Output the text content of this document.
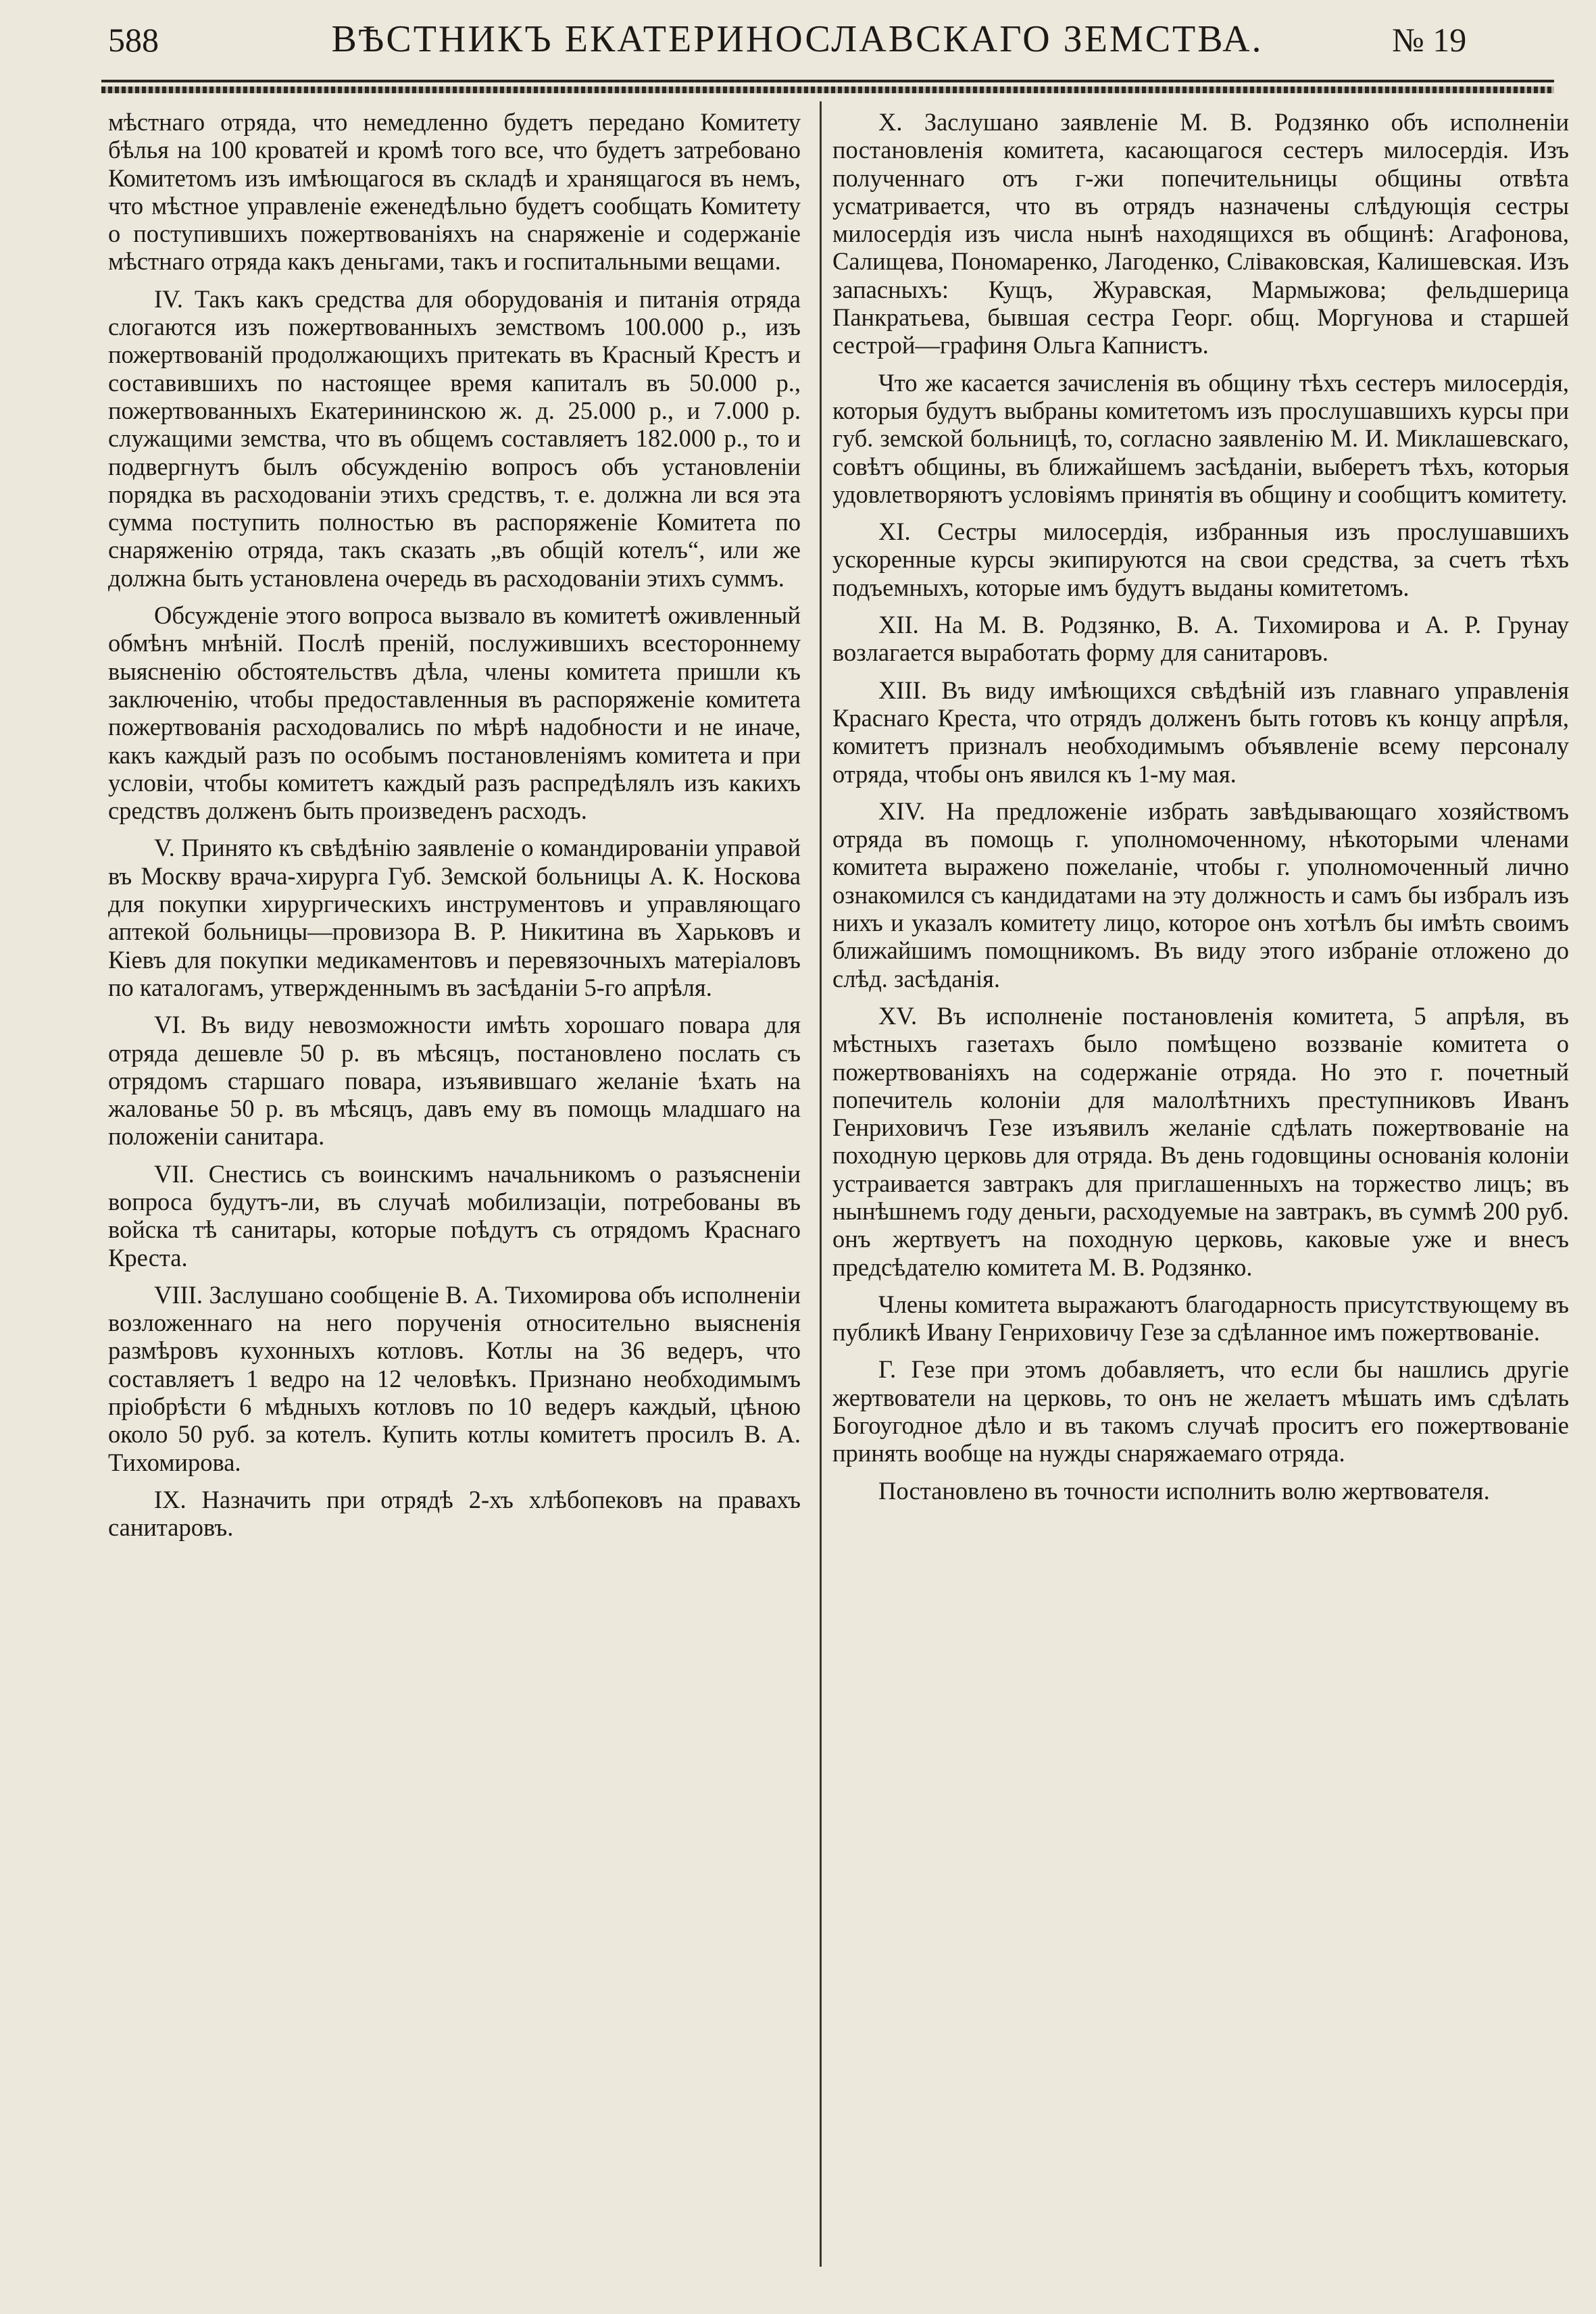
588	ВѢСТНИКЪ ЕКАТЕРИНОСЛАВСКАГО ЗЕМСТВА.	№ 19

мѣстнаго отряда, что немедленно будетъ передано Комитету бѣлья на 100 кроватей и кромѣ того все, что будетъ затребовано Комитетомъ изъ имѣющагося въ складѣ и хранящагося въ немъ, что мѣстное управленіе еженедѣльно будетъ сообщать Комитету о поступившихъ пожертвованіяхъ на снаряженіе и содержаніе мѣстнаго отряда какъ деньгами, такъ и госпитальными вещами.

IV. Такъ какъ средства для оборудованія и питанія отряда слогаются изъ пожертвованныхъ земствомъ 100.000 р., изъ пожертвованій продолжающихъ притекать въ Красный Крестъ и составившихъ по настоящее время капиталъ въ 50.000 р., пожертвованныхъ Екатерининскою ж. д. 25.000 р., и 7.000 р. служащими земства, что въ общемъ составляетъ 182.000 р., то и подвергнутъ былъ обсужденію вопросъ объ установленіи порядка въ расходованіи этихъ средствъ, т. е. должна ли вся эта сумма поступить полностью въ распоряженіе Комитета по снаряженію отряда, такъ сказать „въ общій котелъ“, или же должна быть установлена очередь въ расходованіи этихъ суммъ.

Обсужденіе этого вопроса вызвало въ комитетѣ оживленный обмѣнъ мнѣній. Послѣ преній, послужившихъ всестороннему выясненію обстоятельствъ дѣла, члены комитета пришли къ заключенію, чтобы предоставленныя въ распоряженіе комитета пожертвованія расходовались по мѣрѣ надобности и не иначе, какъ каждый разъ по особымъ постановленіямъ комитета и при условіи, чтобы комитетъ каждый разъ распредѣлялъ изъ какихъ средствъ долженъ быть произведенъ расходъ.

V. Принято къ свѣдѣнію заявленіе о командированіи управой въ Москву врача-хирурга Губ. Земской больницы А. К. Носкова для покупки хирургическихъ инструментовъ и управляющаго аптекой больницы—провизора В. Р. Никитина въ Харьковъ и Кіевъ для покупки медикаментовъ и перевязочныхъ матеріаловъ по каталогамъ, утвержденнымъ въ засѣданіи 5-го апрѣля.

VI. Въ виду невозможности имѣть хорошаго повара для отряда дешевле 50 р. въ мѣсяцъ, постановлено послать съ отрядомъ старшаго повара, изъявившаго желаніе ѣхать на жалованье 50 р. въ мѣсяцъ, давъ ему въ помощь младшаго на положеніи санитара.

VII. Снестись съ воинскимъ начальникомъ о разъясненіи вопроса будутъ-ли, въ случаѣ мобилизаціи, потребованы въ войска тѣ санитары, которые поѣдутъ съ отрядомъ Краснаго Креста.

VIII. Заслушано сообщеніе В. А. Тихомирова объ исполненіи возложеннаго на него порученія относительно выясненія размѣровъ кухонныхъ котловъ. Котлы на 36 ведеръ, что составляетъ 1 ведро на 12 человѣкъ. Признано необходимымъ пріобрѣсти 6 мѣдныхъ котловъ по 10 ведеръ каждый, цѣною около 50 руб. за котелъ. Купить котлы комитетъ просилъ В. А. Тихомирова.

IX. Назначить при отрядѣ 2-хъ хлѣбопековъ на правахъ санитаровъ.

X. Заслушано заявленіе М. В. Родзянко объ исполненіи постановленія комитета, касающагося сестеръ милосердія. Изъ полученнаго отъ г-жи попечительницы общины отвѣта усматривается, что въ отрядъ назначены слѣдующія сестры милосердія изъ числа нынѣ находящихся въ общинѣ: Агафонова, Салищева, Пономаренко, Лагоденко, Сліваковская, Калишевская. Изъ запасныхъ: Кущъ, Журавская, Мармыжова; фельдшерица Панкратьева, бывшая сестра Георг. общ. Моргунова и старшей сестрой—графиня Ольга Капнистъ.

Что же касается зачисленія въ общину тѣхъ сестеръ милосердія, которыя будутъ выбраны комитетомъ изъ прослушавшихъ курсы при губ. земской больницѣ, то, согласно заявленію М. И. Миклашевскаго, совѣтъ общины, въ ближайшемъ засѣданіи, выберетъ тѣхъ, которыя удовлетворяютъ условіямъ принятія въ общину и сообщитъ комитету.

XI. Сестры милосердія, избранныя изъ прослушавшихъ ускоренные курсы экипируются на свои средства, за счетъ тѣхъ подъемныхъ, которые имъ будутъ выданы комитетомъ.

XII. На М. В. Родзянко, В. А. Тихомирова и А. Р. Грунау возлагается выработать форму для санитаровъ.

XIII. Въ виду имѣющихся свѣдѣній изъ главнаго управленія Краснаго Креста, что отрядъ долженъ быть готовъ къ концу апрѣля, комитетъ призналъ необходимымъ объявленіе всему персоналу отряда, чтобы онъ явился къ 1-му мая.

XIV. На предложеніе избрать завѣдывающаго хозяйствомъ отряда въ помощь г. уполномоченному, нѣкоторыми членами комитета выражено пожеланіе, чтобы г. уполномоченный лично ознакомился съ кандидатами на эту должность и самъ бы избралъ изъ нихъ и указалъ комитету лицо, которое онъ хотѣлъ бы имѣть своимъ ближайшимъ помощникомъ. Въ виду этого избраніе отложено до слѣд. засѣданія.

XV. Въ исполненіе постановленія комитета, 5 апрѣля, въ мѣстныхъ газетахъ было помѣщено воззваніе комитета о пожертвованіяхъ на содержаніе отряда. Но это г. почетный попечитель колоніи для малолѣтнихъ преступниковъ Иванъ Генриховичъ Гезе изъявилъ желаніе сдѣлать пожертвованіе на походную церковь для отряда. Въ день годовщины основанія колоніи устраивается завтракъ для приглашенныхъ на торжество лицъ; въ нынѣшнемъ году деньги, расходуемые на завтракъ, въ суммѣ 200 руб. онъ жертвуетъ на походную церковь, каковые уже и внесъ предсѣдателю комитета М. В. Родзянко.

Члены комитета выражаютъ благодарность присутствующему въ публикѣ Ивану Генриховичу Гезе за сдѣланное имъ пожертвованіе.

Г. Гезе при этомъ добавляетъ, что если бы нашлись другіе жертвователи на церковь, то онъ не желаетъ мѣшать имъ сдѣлать Богоугодное дѣло и въ такомъ случаѣ проситъ его пожертвованіе принять вообще на нужды снаряжаемаго отряда.

Постановлено въ точности исполнить волю жертвователя.
